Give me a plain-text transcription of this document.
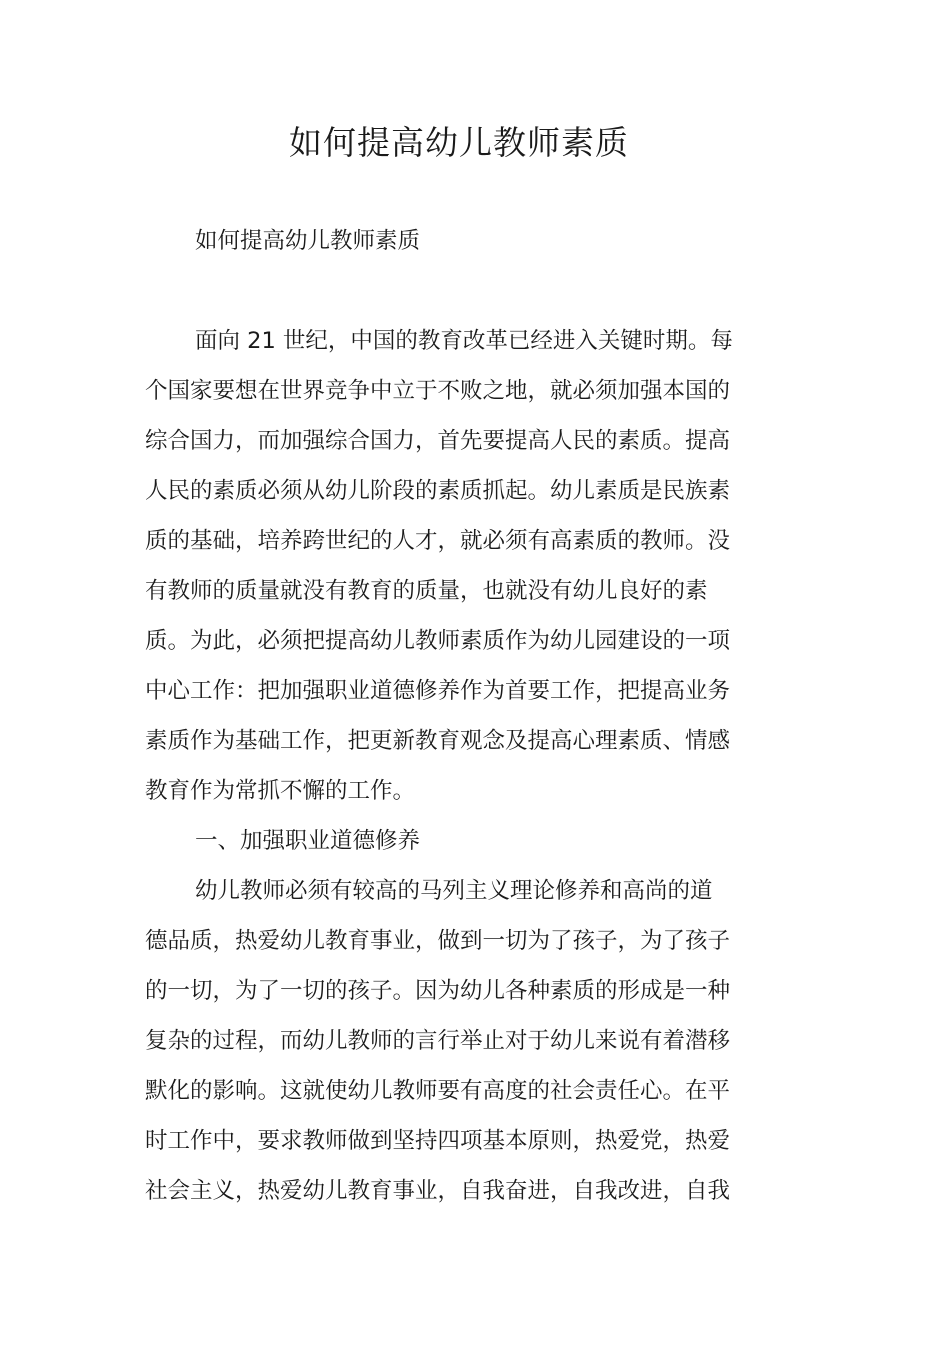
如何提高幼儿教师素质

如何提高幼儿教师素质

面向 21 世纪，中国的教育改革已经进入关键时期。每

个国家要想在世界竞争中立于不败之地，就必须加强本国的

综合国力，而加强综合国力，首先要提高人民的素质。提高

人民的素质必须从幼儿阶段的素质抓起。幼儿素质是民族素

质的基础，培养跨世纪的人才，就必须有高素质的教师。没

有教师的质量就没有教育的质量，也就没有幼儿良好的素

质。为此，必须把提高幼儿教师素质作为幼儿园建设的一项

中心工作：把加强职业道德修养作为首要工作，把提高业务

素质作为基础工作，把更新教育观念及提高心理素质、情感

教育作为常抓不懈的工作。

一、加强职业道德修养

幼儿教师必须有较高的马列主义理论修养和高尚的道

德品质，热爱幼儿教育事业，做到一切为了孩子，为了孩子

的一切，为了一切的孩子。因为幼儿各种素质的形成是一种

复杂的过程，而幼儿教师的言行举止对于幼儿来说有着潜移

默化的影响。这就使幼儿教师要有高度的社会责任心。在平

时工作中，要求教师做到坚持四项基本原则，热爱党，热爱

社会主义，热爱幼儿教育事业，自我奋进，自我改进，自我
